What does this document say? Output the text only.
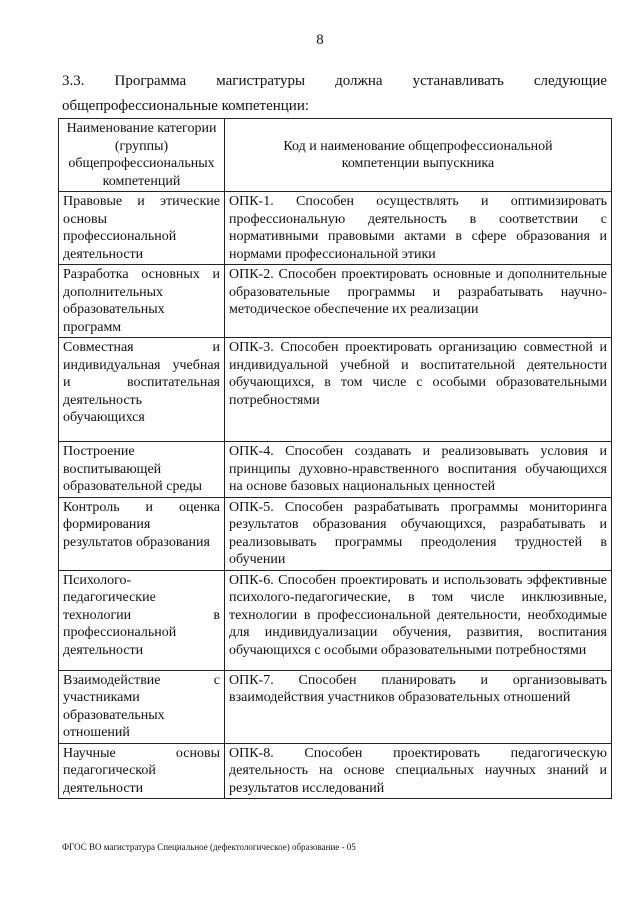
8
3.3. Программа магистратуры должна устанавливать следующие
общепрофессиональные компетенции:
Наименование категории (группы) общепрофессиональных компетенций	Код и наименование общепрофессиональной компетенции выпускника
Правовые и этические основы профессиональной деятельности	ОПК-1. Способен осуществлять и оптимизировать профессиональную деятельность в соответствии с нормативными правовыми актами в сфере образования и нормами профессиональной этики
Разработка основных и дополнительных образовательных программ	ОПК-2. Способен проектировать основные и дополнительные образовательные программы и разрабатывать научно-методическое обеспечение их реализации
Совместная и индивидуальная учебная и воспитательная деятельность обучающихся	ОПК-3. Способен проектировать организацию совместной и индивидуальной учебной и воспитательной деятельности обучающихся, в том числе с особыми образовательными потребностями
Построение воспитывающей образовательной среды	ОПК-4. Способен создавать и реализовывать условия и принципы духовно-нравственного воспитания обучающихся на основе базовых национальных ценностей
Контроль и оценка формирования результатов образования	ОПК-5. Способен разрабатывать программы мониторинга результатов образования обучающихся, разрабатывать и реализовывать программы преодоления трудностей в обучении
Психолого-педагогические технологии в профессиональной деятельности	ОПК-6. Способен проектировать и использовать эффективные психолого-педагогические, в том числе инклюзивные, технологии в профессиональной деятельности, необходимые для индивидуализации обучения, развития, воспитания обучающихся с особыми образовательными потребностями
Взаимодействие с участниками образовательных отношений	ОПК-7. Способен планировать и организовывать взаимодействия участников образовательных отношений
Научные основы педагогической деятельности	ОПК-8. Способен проектировать педагогическую деятельность на основе специальных научных знаний и результатов исследований
ФГОС ВО магистратура Специальное (дефектологическое) образование - 05
